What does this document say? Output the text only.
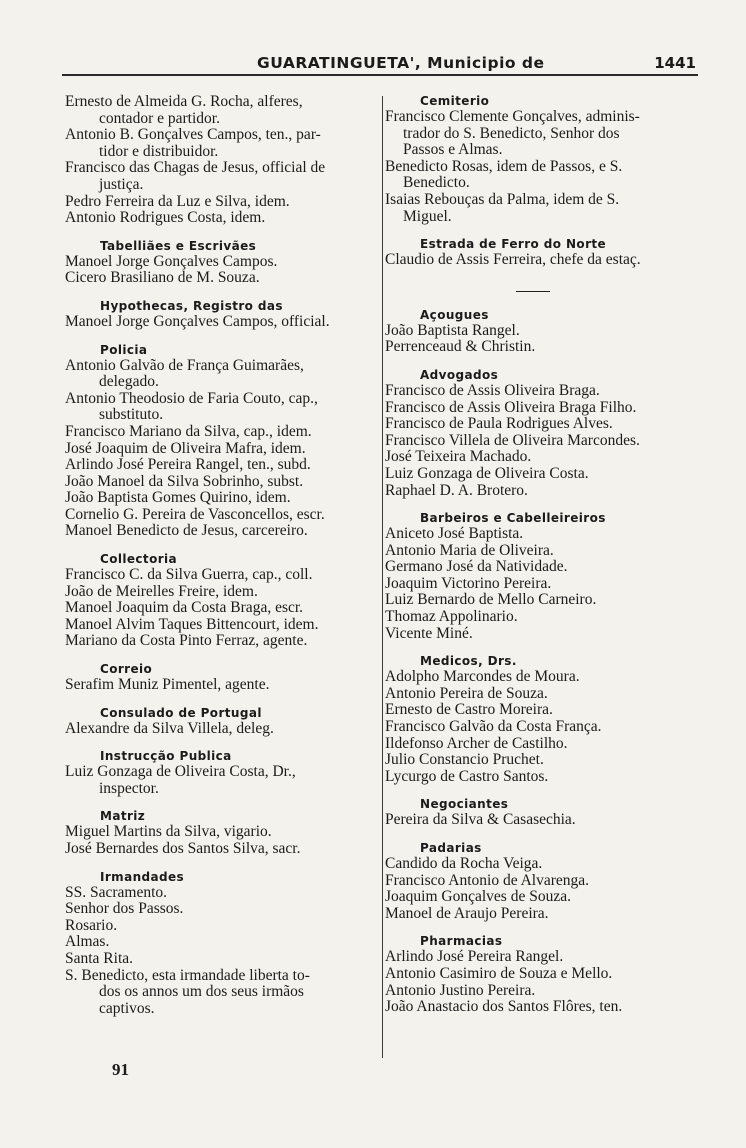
GUARATINGUETA', Municipio de	1441
Ernesto de Almeida G. Rocha, alferes,
contador e partidor.
Antonio B. Gonçalves Campos, ten., par-
tidor e distribuidor.
Francisco das Chagas de Jesus, official de
justiça.
Pedro Ferreira da Luz e Silva, idem.
Antonio Rodrigues Costa, idem.
Tabelliães e Escrivães
Manoel Jorge Gonçalves Campos.
Cicero Brasiliano de M. Souza.
Hypothecas, Registro das
Manoel Jorge Gonçalves Campos, official.
Policia
Antonio Galvão de França Guimarães,
delegado.
Antonio Theodosio de Faria Couto, cap.,
substituto.
Francisco Mariano da Silva, cap., idem.
José Joaquim de Oliveira Mafra, idem.
Arlindo José Pereira Rangel, ten., subd.
João Manoel da Silva Sobrinho, subst.
João Baptista Gomes Quirino, idem.
Cornelio G. Pereira de Vasconcellos, escr.
Manoel Benedicto de Jesus, carcereiro.
Collectoria
Francisco C. da Silva Guerra, cap., coll.
João de Meirelles Freire, idem.
Manoel Joaquim da Costa Braga, escr.
Manoel Alvim Taques Bittencourt, idem.
Mariano da Costa Pinto Ferraz, agente.
Correio
Serafim Muniz Pimentel, agente.
Consulado de Portugal
Alexandre da Silva Villela, deleg.
Instrucção Publica
Luiz Gonzaga de Oliveira Costa, Dr.,
inspector.
Matriz
Miguel Martins da Silva, vigario.
José Bernardes dos Santos Silva, sacr.
Irmandades
SS. Sacramento.
Senhor dos Passos.
Rosario.
Almas.
Santa Rita.
S. Benedicto, esta irmandade liberta to-
dos os annos um dos seus irmãos
captivos.
Cemiterio
Francisco Clemente Gonçalves, adminis-
trador do S. Benedicto, Senhor dos
Passos e Almas.
Benedicto Rosas, idem de Passos, e S.
Benedicto.
Isaias Rebouças da Palma, idem de S.
Miguel.
Estrada de Ferro do Norte
Claudio de Assis Ferreira, chefe da estaç.
Açougues
João Baptista Rangel.
Perrenceaud & Christin.
Advogados
Francisco de Assis Oliveira Braga.
Francisco de Assis Oliveira Braga Filho.
Francisco de Paula Rodrigues Alves.
Francisco Villela de Oliveira Marcondes.
José Teixeira Machado.
Luiz Gonzaga de Oliveira Costa.
Raphael D. A. Brotero.
Barbeiros e Cabelleireiros
Aniceto José Baptista.
Antonio Maria de Oliveira.
Germano José da Natividade.
Joaquim Victorino Pereira.
Luiz Bernardo de Mello Carneiro.
Thomaz Appolinario.
Vicente Miné.
Medicos, Drs.
Adolpho Marcondes de Moura.
Antonio Pereira de Souza.
Ernesto de Castro Moreira.
Francisco Galvão da Costa França.
Ildefonso Archer de Castilho.
Julio Constancio Pruchet.
Lycurgo de Castro Santos.
Negociantes
Pereira da Silva & Casasechia.
Padarias
Candido da Rocha Veiga.
Francisco Antonio de Alvarenga.
Joaquim Gonçalves de Souza.
Manoel de Araujo Pereira.
Pharmacias
Arlindo José Pereira Rangel.
Antonio Casimiro de Souza e Mello.
Antonio Justino Pereira.
João Anastacio dos Santos Flôres, ten.
91
